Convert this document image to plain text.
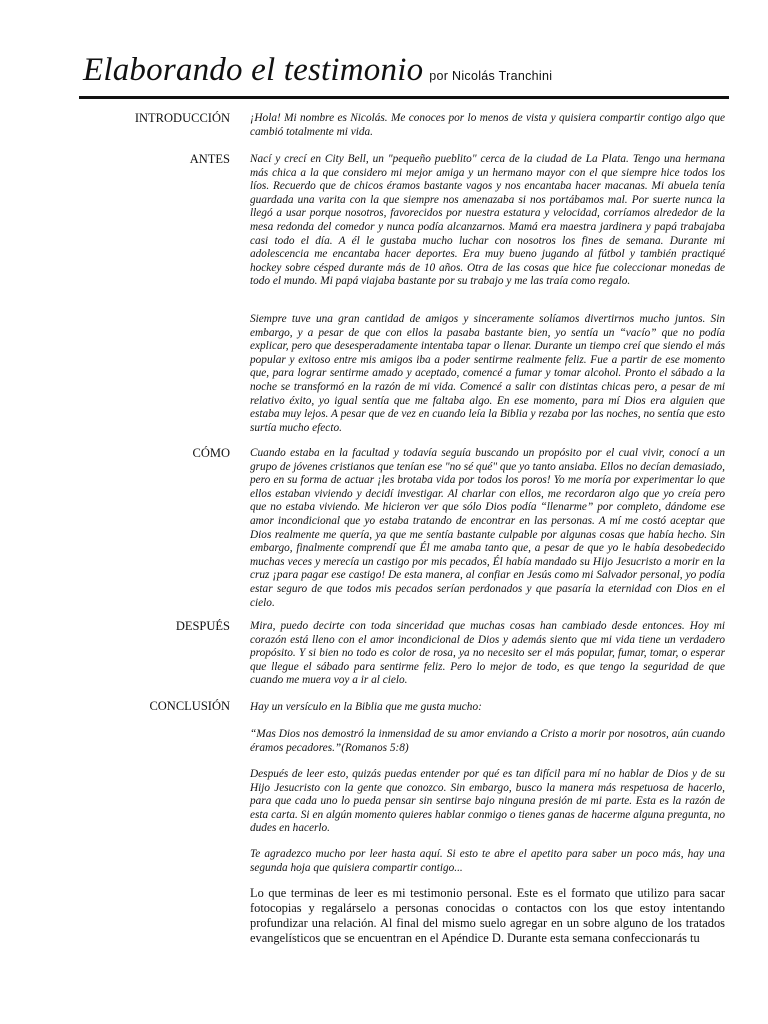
Elaborando el testimonio por Nicolás Tranchini
INTRODUCCIÓN ¡Hola! Mi nombre es Nicolás. Me conoces por lo menos de vista y quisiera compartir contigo algo que cambió totalmente mi vida.

ANTES Nací y crecí en City Bell, un "pequeño pueblito" cerca de la ciudad de La Plata. Tengo una hermana más chica a la que considero mi mejor amiga y un hermano mayor con el que siempre hice todos los líos. Recuerdo que de chicos éramos bastante vagos y nos encantaba hacer macanas. Mi abuela tenía guardada una varita con la que siempre nos amenazaba si nos portábamos mal. Por suerte nunca la llegó a usar porque nosotros, favorecidos por nuestra estatura y velocidad, corríamos alrededor de la mesa redonda del comedor y nunca podía alcanzarnos. Mamá era maestra jardinera y papá trabajaba casi todo el día. A él le gustaba mucho luchar con nosotros los fines de semana. Durante mi adolescencia me encantaba hacer deportes. Era muy bueno jugando al fútbol y también practiqué hockey sobre césped durante más de 10 años. Otra de las cosas que hice fue coleccionar monedas de todo el mundo. Mi papá viajaba bastante por su trabajo y me las traía como regalo.

Siempre tuve una gran cantidad de amigos y sinceramente solíamos divertirnos mucho juntos. Sin embargo, y a pesar de que con ellos la pasaba bastante bien, yo sentía un “vacío” que no podía explicar, pero que desesperadamente intentaba tapar o llenar. Durante un tiempo creí que siendo el más popular y exitoso entre mis amigos iba a poder sentirme realmente feliz. Fue a partir de ese momento que, para lograr sentirme amado y aceptado, comencé a fumar y tomar alcohol. Pronto el sábado a la noche se transformó en la razón de mi vida. Comencé a salir con distintas chicas pero, a pesar de mi relativo éxito, yo igual sentía que me faltaba algo. En ese momento, para mí Dios era alguien que estaba muy lejos. A pesar que de vez en cuando leía la Biblia y rezaba por las noches, no sentía que esto surtía mucho efecto.

CÓMO Cuando estaba en la facultad y todavía seguía buscando un propósito por el cual vivir, conocí a un grupo de jóvenes cristianos que tenían ese "no sé qué" que yo tanto ansiaba. Ellos no decían demasiado, pero en su forma de actuar ¡les brotaba vida por todos los poros! Yo me moría por experimentar lo que ellos estaban viviendo y decidí investigar. Al charlar con ellos, me recordaron algo que yo creía pero que no estaba viviendo. Me hicieron ver que sólo Dios podía “llenarme” por completo, dándome ese amor incondicional que yo estaba tratando de encontrar en las personas. A mí me costó aceptar que Dios realmente me quería, ya que me sentía bastante culpable por algunas cosas que había hecho. Sin embargo, finalmente comprendí que Él me amaba tanto que, a pesar de que yo le había desobedecido muchas veces y merecía un castigo por mis pecados, Él había mandado su Hijo Jesucristo a morir en la cruz ¡para pagar ese castigo! De esta manera, al confiar en Jesús como mi Salvador personal, yo podía estar seguro de que todos mis pecados serían perdonados y que pasaría la eternidad con Dios en el cielo.

DESPUÉS Mira, puedo decirte con toda sinceridad que muchas cosas han cambiado desde entonces. Hoy mi corazón está lleno con el amor incondicional de Dios y además siento que mi vida tiene un verdadero propósito. Y si bien no todo es color de rosa, ya no necesito ser el más popular, fumar, tomar, o esperar que llegue el sábado para sentirme feliz. Pero lo mejor de todo, es que tengo la seguridad de que cuando me muera voy a ir al cielo.

CONCLUSIÓN Hay un versículo en la Biblia que me gusta mucho:

“Mas Dios nos demostró la inmensidad de su amor enviando a Cristo a morir por nosotros, aún cuando éramos pecadores.”(Romanos 5:8)

Después de leer esto, quizás puedas entender por qué es tan difícil para mí no hablar de Dios y de su Hijo Jesucristo con la gente que conozco. Sin embargo, busco la manera más respetuosa de hacerlo, para que cada uno lo pueda pensar sin sentirse bajo ninguna presión de mi parte. Esta es la razón de esta carta. Si en algún momento quieres hablar conmigo o tienes ganas de hacerme alguna pregunta, no dudes en hacerlo.

Te agradezco mucho por leer hasta aquí. Si esto te abre el apetito para saber un poco más, hay una segunda hoja que quisiera compartir contigo...

Lo que terminas de leer es mi testimonio personal. Este es el formato que utilizo para sacar fotocopias y regalárselo a personas conocidas o contactos con los que estoy intentando profundizar una relación. Al final del mismo suelo agregar en un sobre alguno de los tratados evangelísticos que se encuentran en el Apéndice D. Durante esta semana confeccionarás tu
